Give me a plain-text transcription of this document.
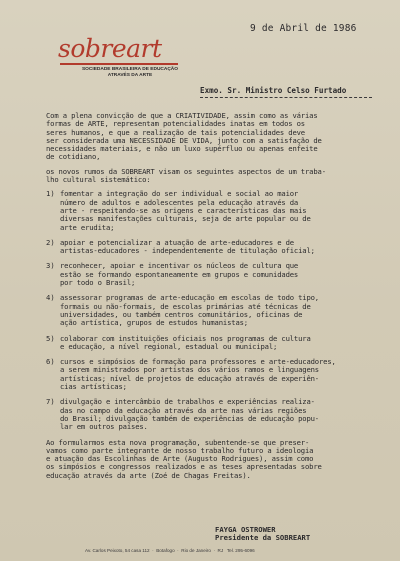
9 de Abril de 1986
sobreart
SOCIEDADE BRASILEIRA DE EDUCAÇÃO
ATRAVÉS DA ARTE
Exmo. Sr. Ministro Celso Furtado
Com a plena convicção de que a CRIATIVIDADE, assim como as várias
formas de ARTE, representam potencialidades inatas em todos os
seres humanos, e que a realização de tais potencialidades deve
ser considerada uma NECESSIDADE DE VIDA, junto com a satisfação de
necessidades materiais, e não um luxo supérfluo ou apenas enfeite
de cotidiano,
os novos rumos da SOBREART visam os seguintes aspectos de um traba-
lho cultural sistemático:
1) fomentar a integração do ser individual e social ao maior
número de adultos e adolescentes pela educação através da
arte - respeitando-se as origens e características das mais
diversas manifestações culturais, seja de arte popular ou de
arte erudita;
2) apoiar e potencializar a atuação de arte-educadores e de
artistas-educadores - independentemente de titulação oficial;
3) reconhecer, apoiar e incentivar os núcleos de cultura que
estão se formando espontaneamente em grupos e comunidades
por todo o Brasil;
4) assessorar programas de arte-educação em escolas de todo tipo,
formais ou não-formais, de escolas primárias até técnicas de
universidades, ou também centros comunitários, oficinas de
ação artística, grupos de estudos humanistas;
5) colaborar com instituições oficiais nos programas de cultura
e educação, a nível regional, estadual ou municipal;
6) cursos e simpósios de formação para professores e arte-educadores,
a serem ministrados por artistas dos vários ramos e linguagens
artísticas; nível de projetos de educação através de experiên-
cias artísticas;
7) divulgação e intercâmbio de trabalhos e experiências realiza-
das no campo da educação através da arte nas várias regiões
do Brasil; divulgação também de experiências de educação popu-
lar em outros países.
Ao formularmos esta nova programação, subentende-se que preser-
vamos como parte integrante de nosso trabalho futuro a ideologia
e atuação das Escolinhas de Arte (Augusto Rodrigues), assim como
os simpósios e congressos realizados e as teses apresentadas sobre
educação através da arte (Zoé de Chagas Freitas).
FAYGA OSTROWER
Presidente da SOBREART
Av. Carlos Peixoto, 54 casa 112  ·  Botafogo  ·  Rio de Janeiro  ·  RJ   Tel. 295-6096
